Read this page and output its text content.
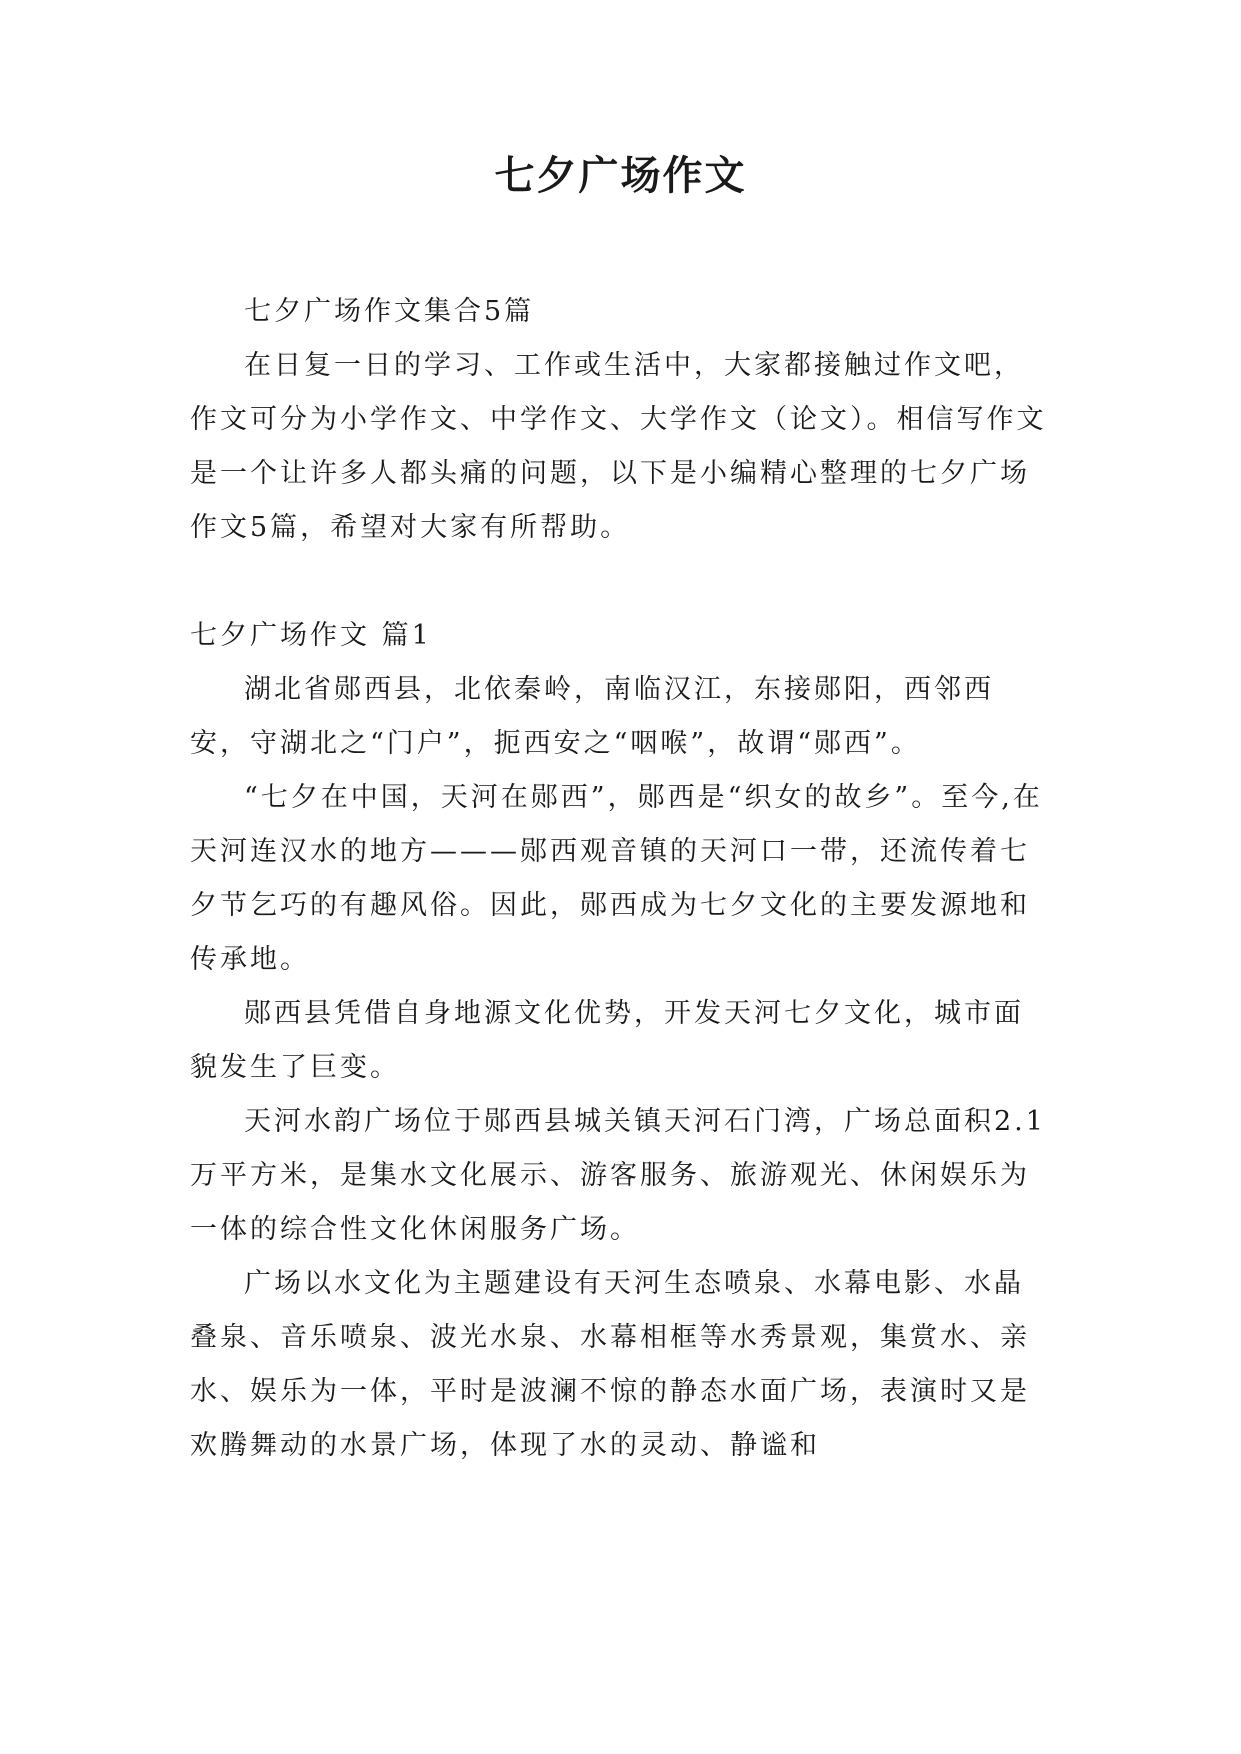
七夕广场作文

七夕广场作文集合5篇

在日复一日的学习、工作或生活中，大家都接触过作文吧，作文可分为小学作文、中学作文、大学作文（论文）。相信写作文是一个让许多人都头痛的问题，以下是小编精心整理的七夕广场作文5篇，希望对大家有所帮助。

七夕广场作文 篇1

湖北省郧西县，北依秦岭，南临汉江，东接郧阳，西邻西安，守湖北之“门户”，扼西安之“咽喉”，故谓“郧西”。

“七夕在中国，天河在郧西”，郧西是“织女的故乡”。至今,在天河连汉水的地方———郧西观音镇的天河口一带，还流传着七夕节乞巧的有趣风俗。因此，郧西成为七夕文化的主要发源地和传承地。

郧西县凭借自身地源文化优势，开发天河七夕文化，城市面貌发生了巨变。

天河水韵广场位于郧西县城关镇天河石门湾，广场总面积2.1万平方米，是集水文化展示、游客服务、旅游观光、休闲娱乐为一体的综合性文化休闲服务广场。

广场以水文化为主题建设有天河生态喷泉、水幕电影、水晶叠泉、音乐喷泉、波光水泉、水幕相框等水秀景观，集赏水、亲水、娱乐为一体，平时是波澜不惊的静态水面广场，表演时又是欢腾舞动的水景广场，体现了水的灵动、静谧和
